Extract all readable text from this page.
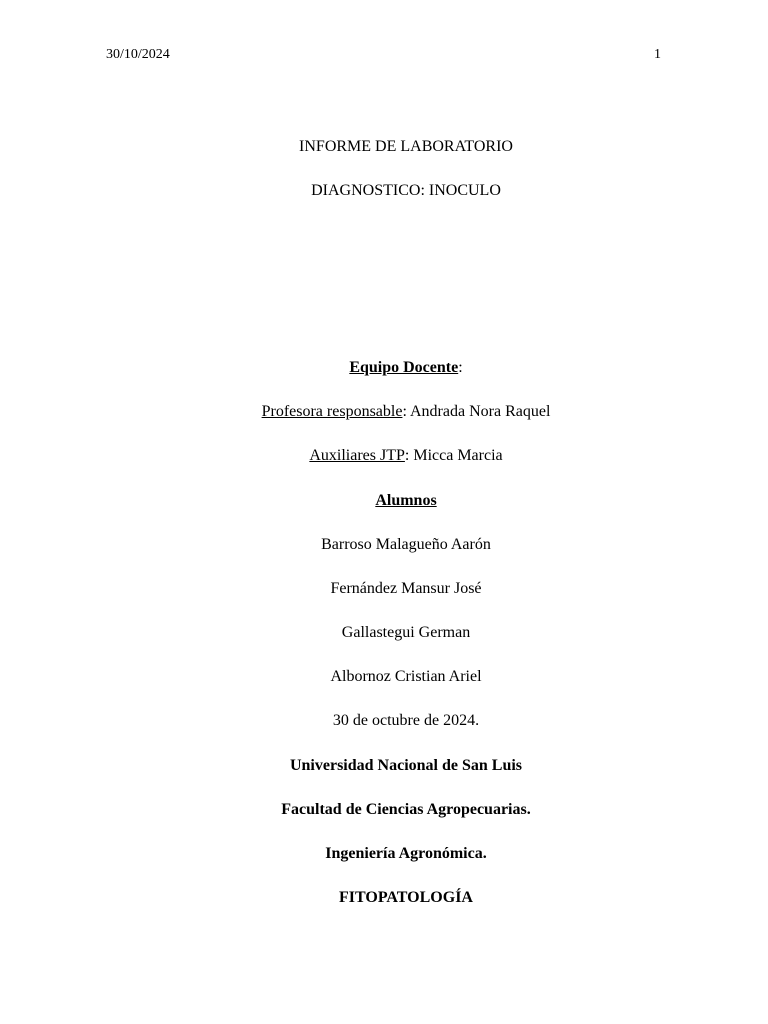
30/10/2024	1
INFORME DE LABORATORIO
DIAGNOSTICO: INOCULO
Equipo Docente:
Profesora responsable: Andrada Nora Raquel
Auxiliares JTP: Micca Marcia
Alumnos
Barroso Malagueño Aarón
Fernández Mansur José
Gallastegui German
Albornoz Cristian Ariel
30 de octubre de 2024.
Universidad Nacional de San Luis
Facultad de Ciencias Agropecuarias.
Ingeniería Agronómica.
FITOPATOLOGÍA
